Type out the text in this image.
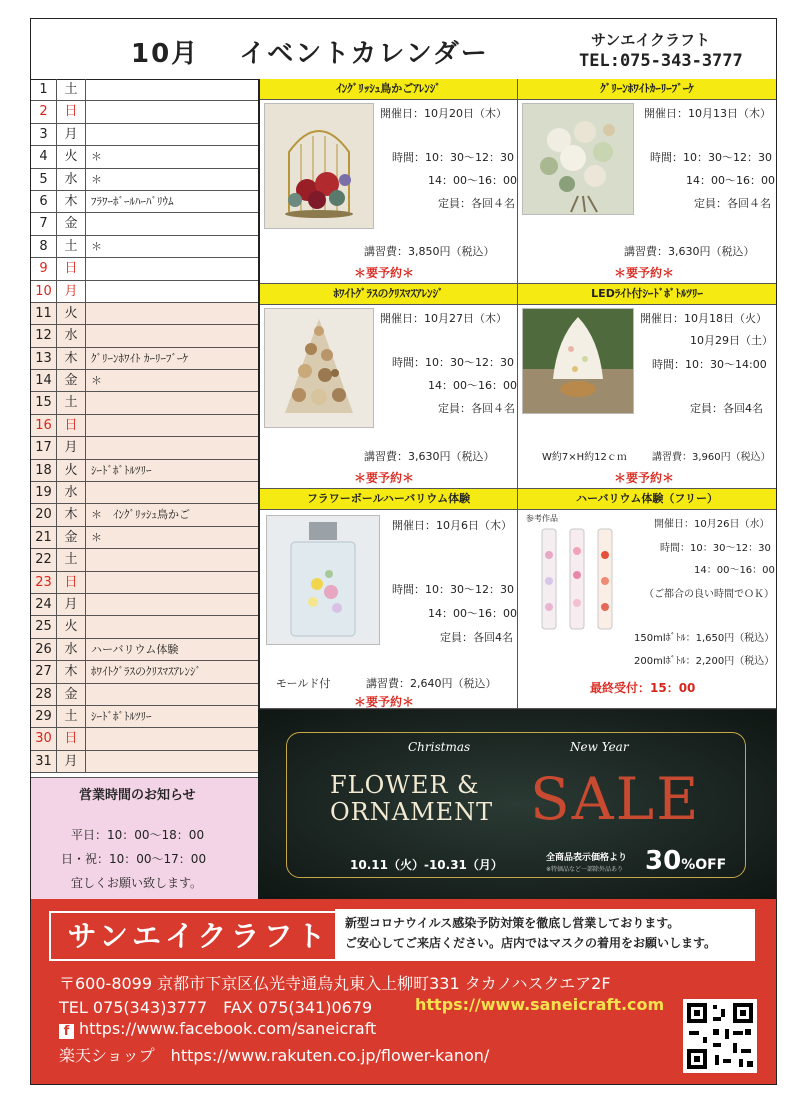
10月 イベントカレンダー	サンエイクラフト
TEL:075-343-3777
1	土
2	日
3	月
4	火	＊
5	水	＊
6	木	ﾌﾗﾜｰﾎﾞｰﾙﾊｰﾊﾞﾘｳﾑ
7	金
8	土	＊
9	日
10 月
11 火
12 水
13 木	ｸﾞﾘｰﾝﾎﾜｲﾄ ｶｰﾘｰﾌﾞｰｹ
14 金	＊
15 土
16 日
17 月
18 火	ｼｰﾄﾞﾎﾞﾄﾙﾂﾘｰ
19 水
20 木	＊　ｲﾝｸﾞﾘｯｼｭ鳥かご
21 金	＊
22 土
23 日
24 月
25 火
26 水	ハーバリウム体験
27 木	ﾎﾜｲﾄｸﾞﾗｽのｸﾘｽﾏｽｱﾚﾝｼﾞ
28 金
29 土	ｼｰﾄﾞﾎﾞﾄﾙﾂﾘｰ
30 日
31 月
営業時間のお知らせ
平日：10：00～18：00
日・祝：10：00～17：00
宜しくお願い致します。
ｲﾝｸﾞﾘｯｼｭ鳥かごｱﾚﾝｼﾞ
開催日：10月20日（木）
時間：10：30～12：30
14：00～16：00
定員：各回４名
講習費：3,850円（税込）
＊要予約＊
ｸﾞﾘｰﾝﾎﾜｲﾄｶｰﾘｰﾌﾞｰｹ
開催日：10月13日（木）
時間：10：30～12：30
14：00～16：00
定員：各回４名
講習費：3,630円（税込）
＊要予約＊
ﾎﾜｲﾄｸﾞﾗｽのｸﾘｽﾏｽｱﾚﾝｼﾞ
開催日：10月27日（木）
時間：10：30～12：30
14：00～16：00
定員：各回４名
講習費：3,630円（税込）
＊要予約＊
LEDﾗｲﾄ付ｼｰﾄﾞﾎﾞﾄﾙﾂﾘｰ
開催日：10月18日（火）
10月29日（土）
時間：10：30～14:00
定員：各回4名
W約7×H約12ｃｍ	講習費：3,960円（税込）
＊要予約＊
フラワーボールハーバリウム体験
開催日：10月6日（木）
時間：10：30～12：30
14：00～16：00
定員：各回4名
モールド付	講習費：2,640円（税込）
＊要予約＊
ハーバリウム体験（フリー）
参考作品
開催日：10月26日（水）
時間：10：30～12：30
14：00～16：00
（ご都合の良い時間でＯＫ）
150mlﾎﾞﾄﾙ：1,650円（税込）
200mlﾎﾞﾄﾙ：2,200円（税込）
最終受付：15：00
Christmas	New Year
FLOWER &
ORNAMENT SALE
10.11（火）-10.31（月）	全商品表示価格より
※特価品など一部除外品あり 30%OFF
サンエイクラフト	新型コロナウイルス感染予防対策を徹底し営業しております。
ご安心してご来店ください。店内ではマスクの着用をお願いします。
〒600-8099 京都市下京区仏光寺通烏丸東入上柳町331 タカノハスクエア2F
TEL 075(343)3777　FAX 075(341)0679	https://www.saneicraft.com
f https://www.facebook.com/saneicraft
楽天ショップ　https://www.rakuten.co.jp/flower-kanon/
